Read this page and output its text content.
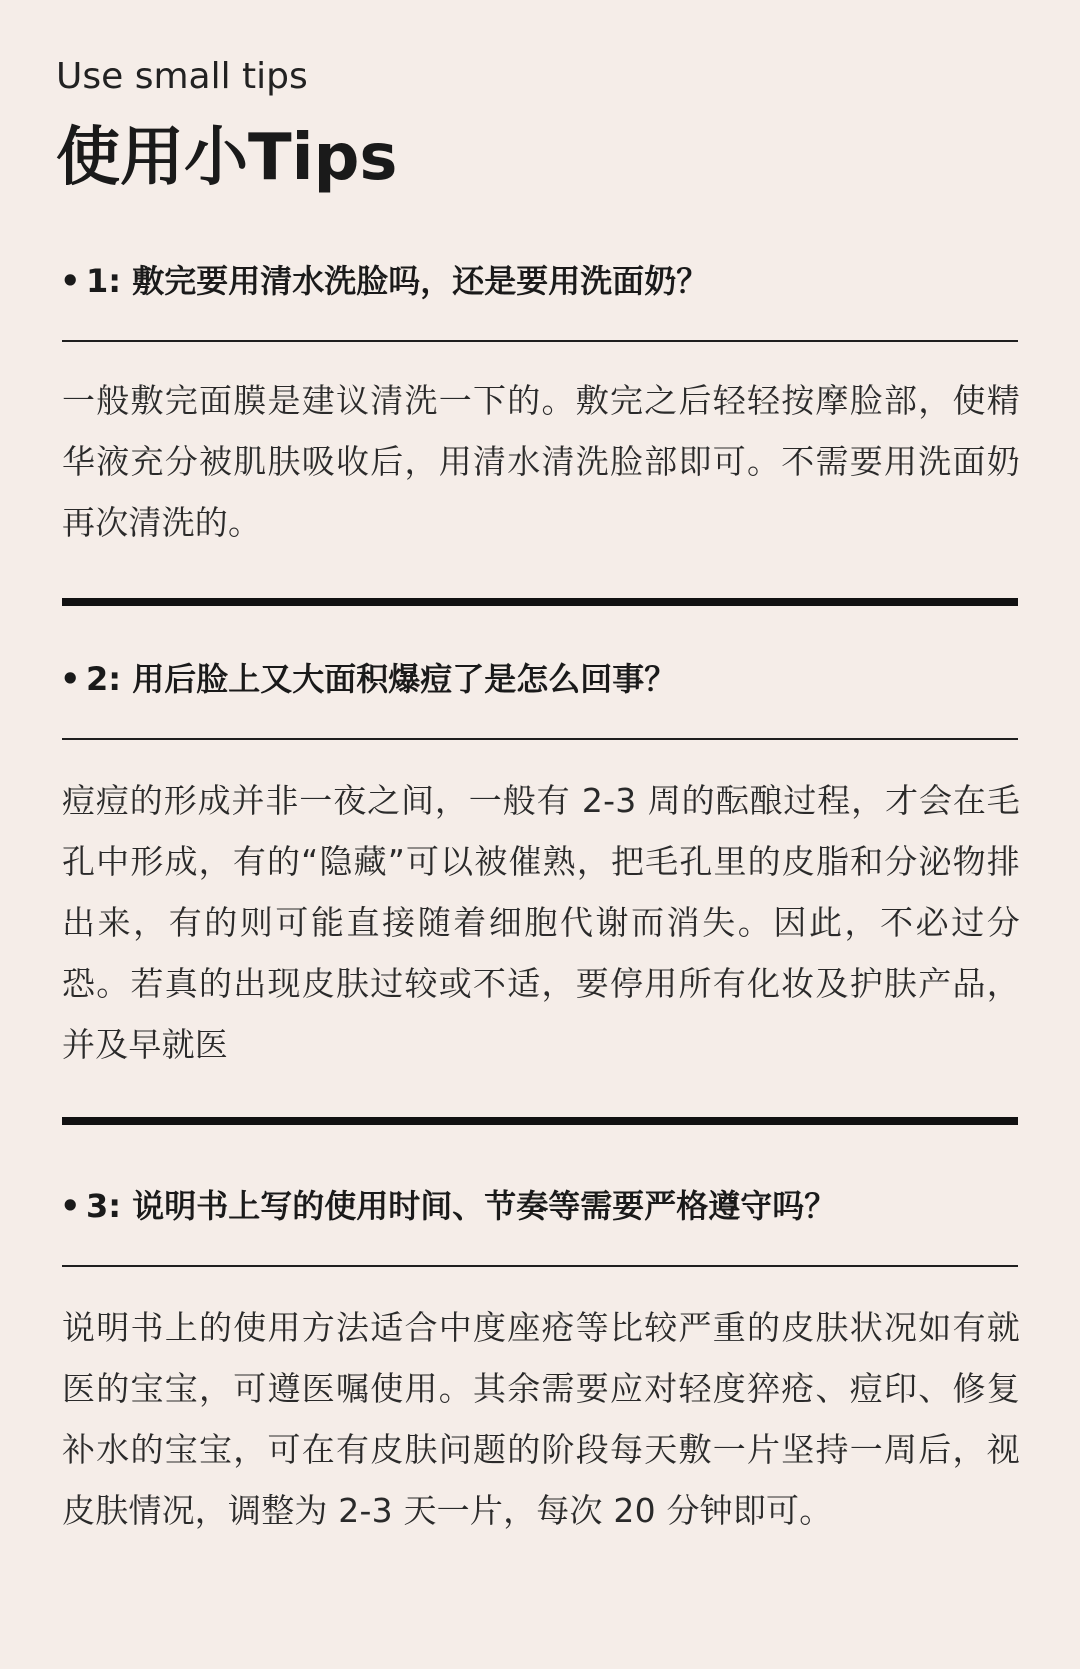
Use small tips
使用小Tips
• 1: 敷完要用清水洗脸吗，还是要用洗面奶？
一般敷完面膜是建议清洗一下的。敷完之后轻轻按摩脸部，使精华液充分被肌肤吸收后，用清水清洗脸部即可。不需要用洗面奶再次清洗的。
• 2: 用后脸上又大面积爆痘了是怎么回事？
痘痘的形成并非一夜之间，一般有 2-3 周的酝酿过程，才会在毛孔中形成，有的“隐藏”可以被催熟，把毛孔里的皮脂和分泌物排出来，有的则可能直接随着细胞代谢而消失。因此，不必过分恐。若真的出现皮肤过较或不适，要停用所有化妆及护肤产品，并及早就医
• 3: 说明书上写的使用时间、节奏等需要严格遵守吗？
说明书上的使用方法适合中度座疮等比较严重的皮肤状况如有就医的宝宝，可遵医嘱使用。其余需要应对轻度猝疮、痘印、修复补水的宝宝，可在有皮肤问题的阶段每天敷一片坚持一周后，视皮肤情况，调整为 2-3 天一片，每次 20 分钟即可。
